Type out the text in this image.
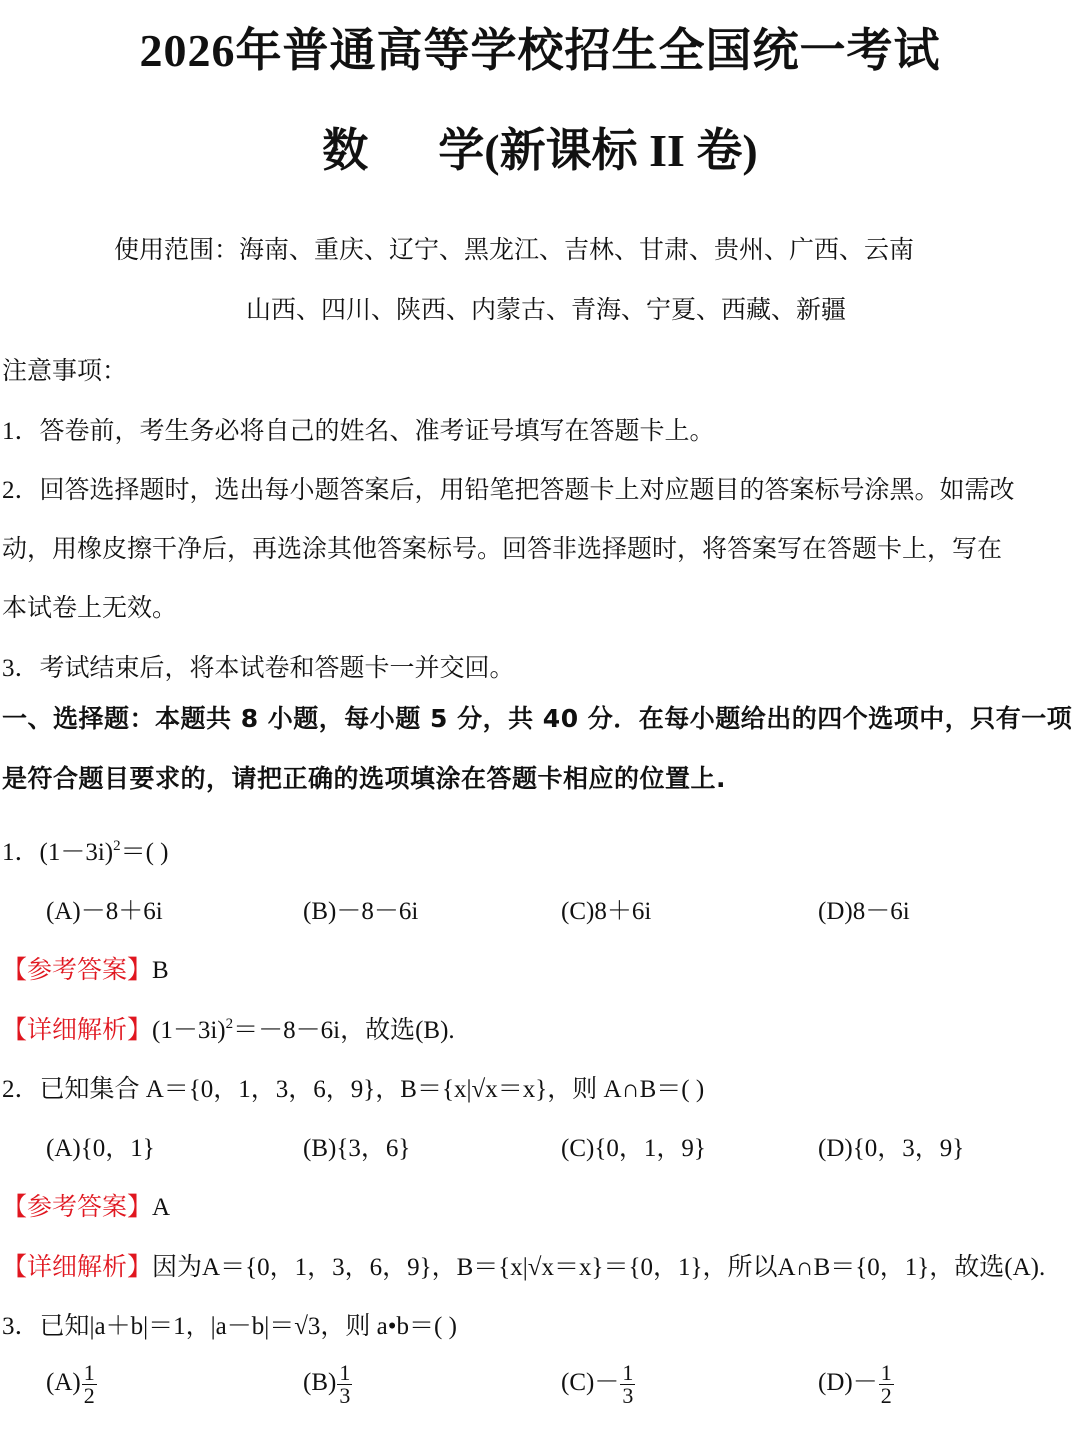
2026年普通高等学校招生全国统一考试
数 学(新课标 II 卷)
使用范围：海南、重庆、辽宁、黑龙江、吉林、甘肃、贵州、广西、云南
山西、四川、陕西、内蒙古、青海、宁夏、西藏、新疆
注意事项：
1．答卷前，考生务必将自己的姓名、准考证号填写在答题卡上。
2．回答选择题时，选出每小题答案后，用铅笔把答题卡上对应题目的答案标号涂黑。如需改
动，用橡皮擦干净后，再选涂其他答案标号。回答非选择题时，将答案写在答题卡上，写在
本试卷上无效。
3．考试结束后，将本试卷和答题卡一并交回。
一、选择题：本题共 8 小题，每小题 5 分，共 40 分．在每小题给出的四个选项中，只有一项
是符合题目要求的，请把正确的选项填涂在答题卡相应的位置上.
1．$(1-3i)^2=$( )
(A)－8＋6i	(B)－8－6i	(C)8＋6i	(D)8－6i
【参考答案】B
【详细解析】$(1-3i)^2=-8-6i$，故选(B).
2．已知集合 A＝{0，1，3，6，9}，B＝{x|√x＝x}，则 A∩B＝( )
(A){0，1}	(B){3，6}	(C){0，1，9}	(D){0，3，9}
【参考答案】A
【详细解析】因为A＝{0，1，3，6，9}，B＝{x|√x＝x}＝{0，1}，所以A∩B＝{0，1}，故选(A).
3．已知|a＋b|＝1，|a－b|＝√3，则 a•b＝( )
$(A) \frac{1}{2}$	$(B) \frac{1}{3}$	$(C)- \frac{1}{3}$	$(D)- \frac{1}{2}$
